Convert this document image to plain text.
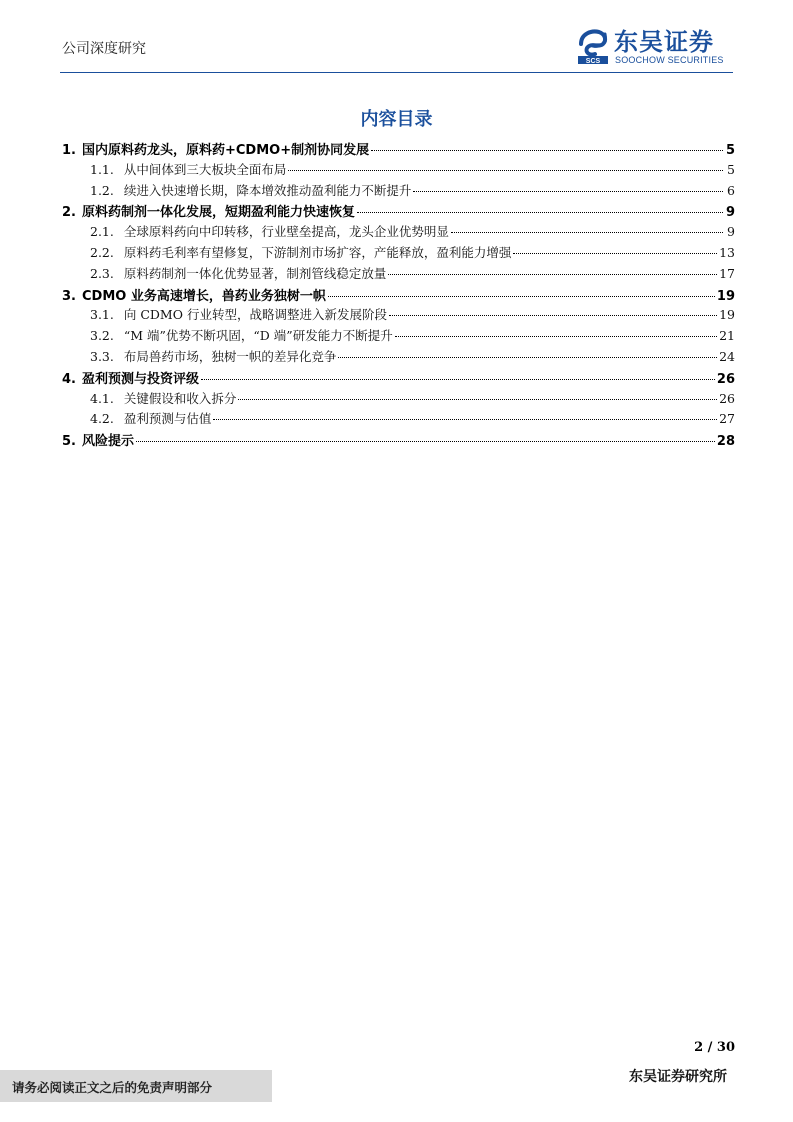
公司深度研究
SCS
东吴证券
SOOCHOW SECURITIES
内容目录
1. 国内原料药龙头，原料药+CDMO+制剂协同发展	5
1.1. 从中间体到三大板块全面布局	5
1.2. 续进入快速增长期，降本增效推动盈利能力不断提升	6
2. 原料药制剂一体化发展，短期盈利能力快速恢复	9
2.1. 全球原料药向中印转移，行业壁垒提高，龙头企业优势明显	9
2.2. 原料药毛利率有望修复，下游制剂市场扩容，产能释放，盈利能力增强	13
2.3. 原料药制剂一体化优势显著，制剂管线稳定放量	17
3. CDMO 业务高速增长，兽药业务独树一帜	19
3.1. 向 CDMO 行业转型，战略调整进入新发展阶段	19
3.2. “M 端”优势不断巩固，“D 端”研发能力不断提升	21
3.3. 布局兽药市场，独树一帜的差异化竞争	24
4. 盈利预测与投资评级	26
4.1. 关键假设和收入拆分	26
4.2. 盈利预测与估值	27
5. 风险提示	28
2 / 30
请务必阅读正文之后的免责声明部分
东吴证券研究所
